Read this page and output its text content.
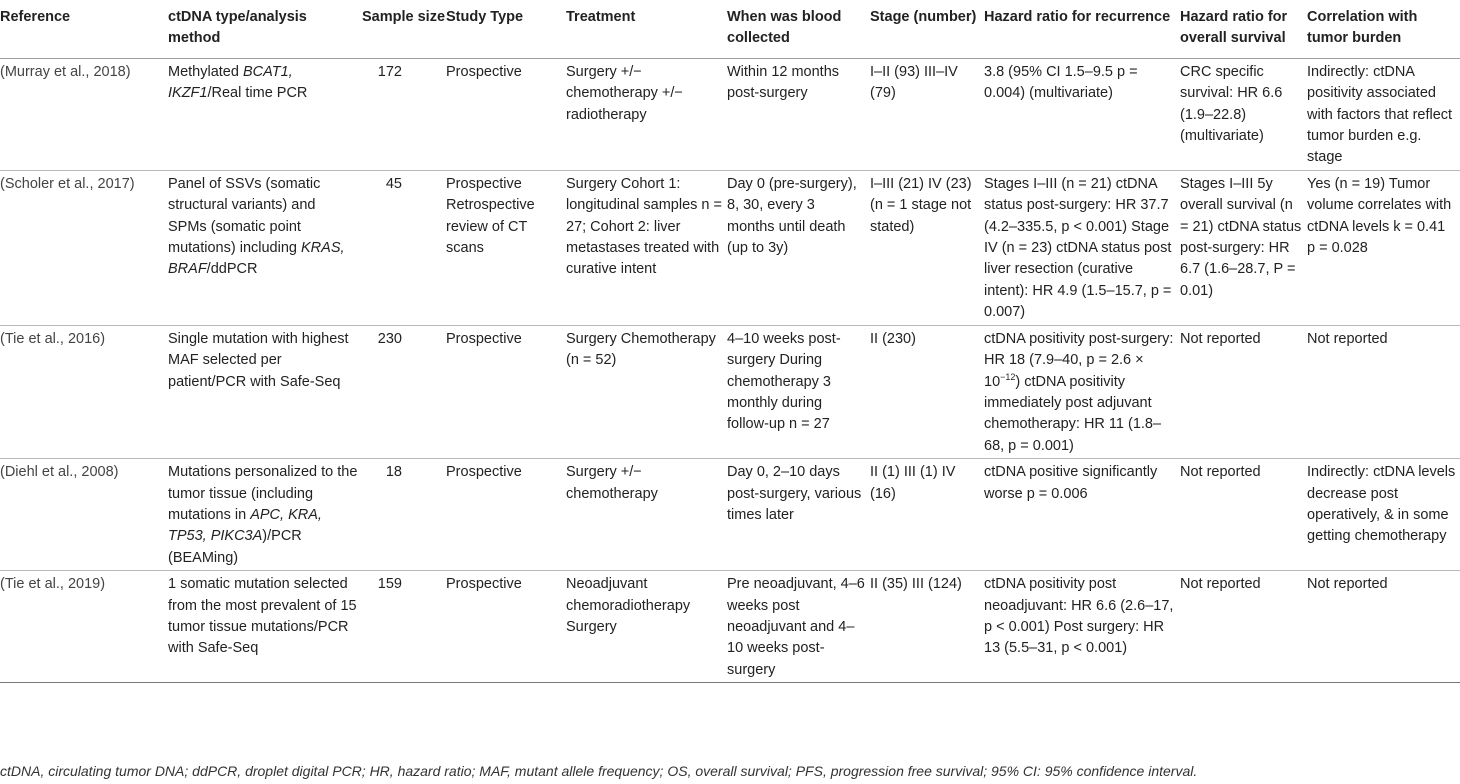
Reference	ctDNA type/analysis method	Sample size	Study Type	Treatment	When was blood collected	Stage (number)	Hazard ratio for recurrence	Hazard ratio for overall survival	Correlation with tumor burden
(Murray et al., 2018)	Methylated BCAT1, IKZF1/Real time PCR	172	Prospective	Surgery +/− chemotherapy +/− radiotherapy	Within 12 months post-surgery	I–II (93) III–IV (79)	3.8 (95% CI 1.5–9.5 p = 0.004) (multivariate)	CRC specific survival: HR 6.6 (1.9–22.8) (multivariate)	Indirectly: ctDNA positivity associated with factors that reflect tumor burden e.g. stage
(Scholer et al., 2017)	Panel of SSVs (somatic structural variants) and SPMs (somatic point mutations) including KRAS, BRAF/ddPCR	45	Prospective Retrospective review of CT scans	Surgery Cohort 1: longitudinal samples n = 27; Cohort 2: liver metastases treated with curative intent	Day 0 (pre-surgery), 8, 30, every 3 months until death (up to 3y)	I–III (21) IV (23) (n = 1 stage not stated)	Stages I–III (n = 21) ctDNA status post-surgery: HR 37.7 (4.2–335.5, p < 0.001) Stage IV (n = 23) ctDNA status post liver resection (curative intent): HR 4.9 (1.5–15.7, p = 0.007)	Stages I–III 5y overall survival (n = 21) ctDNA status post-surgery: HR 6.7 (1.6–28.7, P = 0.01)	Yes (n = 19) Tumor volume correlates with ctDNA levels k = 0.41 p = 0.028
(Tie et al., 2016)	Single mutation with highest MAF selected per patient/PCR with Safe-Seq	230	Prospective	Surgery Chemotherapy (n = 52)	4–10 weeks post-surgery During chemotherapy 3 monthly during follow-up n = 27	II (230)	ctDNA positivity post-surgery: HR 18 (7.9–40, $p = 2.6 \times 10^{-12}$) ctDNA positivity immediately post adjuvant chemotherapy: HR 11 (1.8–68, p = 0.001)	Not reported	Not reported
(Diehl et al., 2008)	Mutations personalized to the tumor tissue (including mutations in APC, KRA, TP53, PIKC3A)/PCR (BEAMing)	18	Prospective	Surgery +/− chemotherapy	Day 0, 2–10 days post-surgery, various times later	II (1) III (1) IV (16)	ctDNA positive significantly worse p = 0.006	Not reported	Indirectly: ctDNA levels decrease post operatively, & in some getting chemotherapy
(Tie et al., 2019)	1 somatic mutation selected from the most prevalent of 15 tumor tissue mutations/PCR with Safe-Seq	159	Prospective	Neoadjuvant chemoradiotherapy Surgery	Pre neoadjuvant, 4–6 weeks post neoadjuvant and 4–10 weeks post-surgery	II (35) III (124)	ctDNA positivity post neoadjuvant: HR 6.6 (2.6–17, p < 0.001) Post surgery: HR 13 (5.5–31, p < 0.001)	Not reported	Not reported
ctDNA, circulating tumor DNA; ddPCR, droplet digital PCR; HR, hazard ratio; MAF, mutant allele frequency; OS, overall survival; PFS, progression free survival; 95% CI: 95% confidence interval.
